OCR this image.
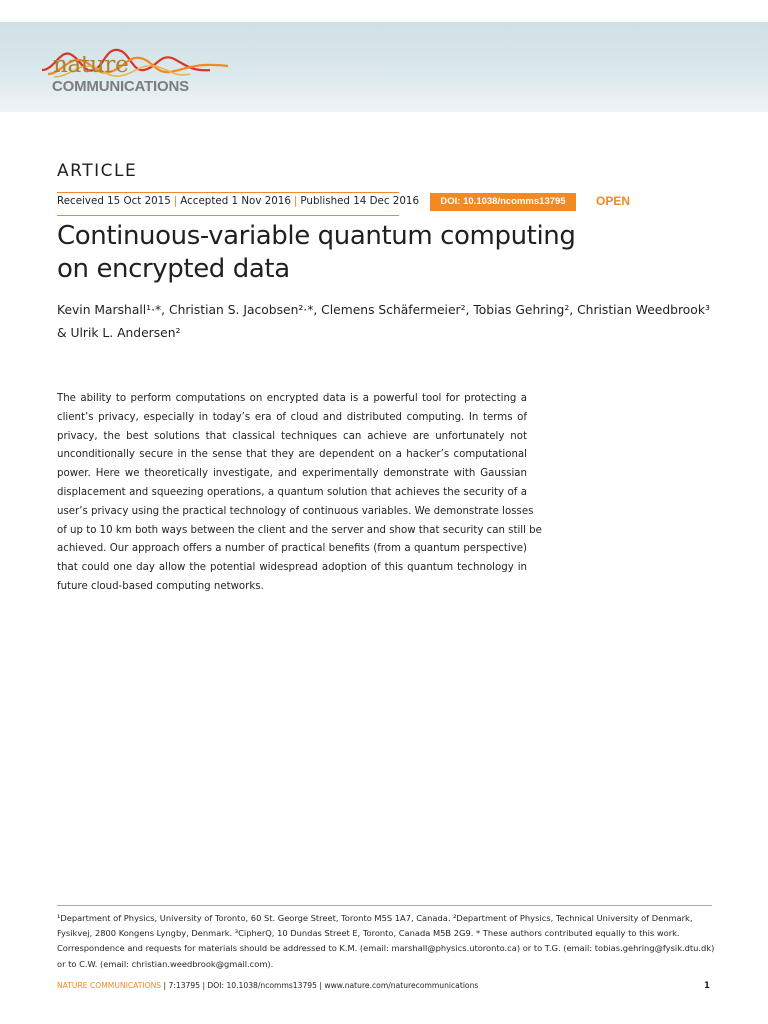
nature
COMMUNICATIONS
ARTICLE
Received 15 Oct 2015 | Accepted 1 Nov 2016 | Published 14 Dec 2016	DOI: 10.1038/ncomms13795	OPEN
Continuous-variable quantum computing
on encrypted data
Kevin Marshall¹·*, Christian S. Jacobsen²·*, Clemens Schäfermeier², Tobias Gehring², Christian Weedbrook³
& Ulrik L. Andersen²
The ability to perform computations on encrypted data is a powerful tool for protecting a
client’s privacy, especially in today’s era of cloud and distributed computing. In terms of
privacy, the best solutions that classical techniques can achieve are unfortunately not
unconditionally secure in the sense that they are dependent on a hacker’s computational
power. Here we theoretically investigate, and experimentally demonstrate with Gaussian
displacement and squeezing operations, a quantum solution that achieves the security of a
user’s privacy using the practical technology of continuous variables. We demonstrate losses
of up to 10 km both ways between the client and the server and show that security can still be
achieved. Our approach offers a number of practical benefits (from a quantum perspective)
that could one day allow the potential widespread adoption of this quantum technology in
future cloud-based computing networks.
¹Department of Physics, University of Toronto, 60 St. George Street, Toronto M5S 1A7, Canada. ²Department of Physics, Technical University of Denmark,
Fysikvej, 2800 Kongens Lyngby, Denmark. ³CipherQ, 10 Dundas Street E, Toronto, Canada M5B 2G9. * These authors contributed equally to this work.
Correspondence and requests for materials should be addressed to K.M. (email: marshall@physics.utoronto.ca) or to T.G. (email: tobias.gehring@fysik.dtu.dk)
or to C.W. (email: christian.weedbrook@gmail.com).
NATURE COMMUNICATIONS | 7:13795 | DOI: 10.1038/ncomms13795 | www.nature.com/naturecommunications	1
